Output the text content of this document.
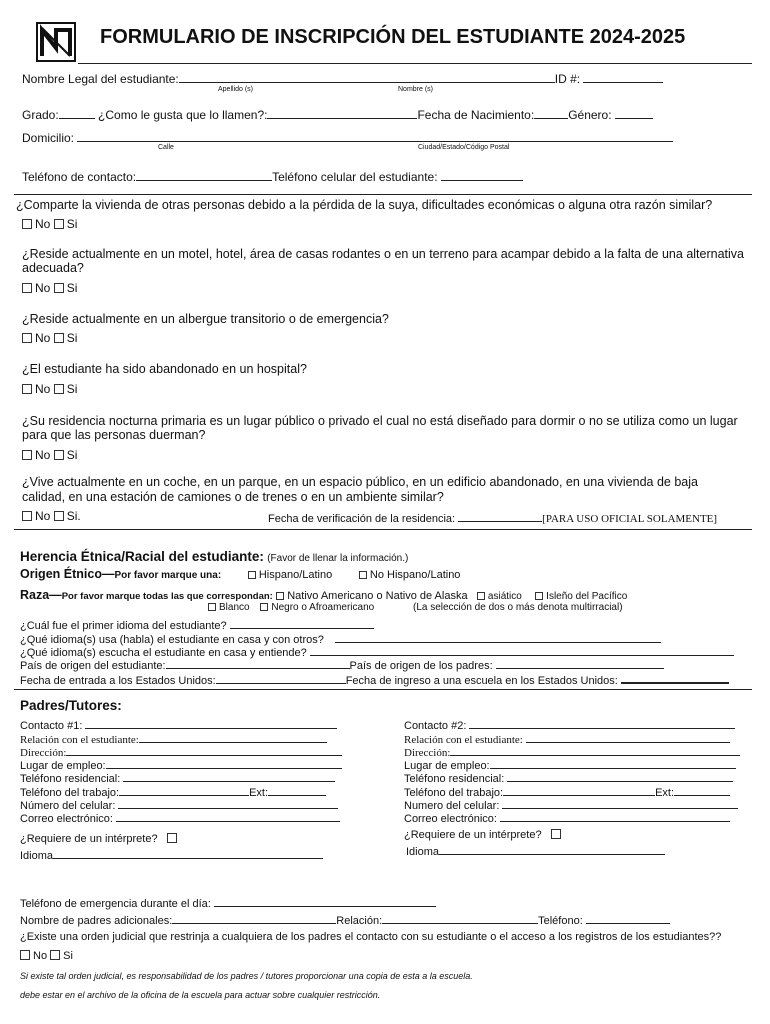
FORMULARIO DE INSCRIPCIÓN DEL ESTUDIANTE 2024-2025
Nombre Legal del estudiante:	ID #:
Apellido (s)	Nombre (s)
Grado:	¿Como le gusta que lo llamen?:	Fecha de Nacimiento:	Género:
Domicilio:
Calle	Ciudad/Estado/Código Postal
Teléfono de contacto:	Teléfono celular del estudiante:
¿Comparte la vivienda de otras personas debido a la pérdida de la suya, dificultades económicas o alguna otra razón similar?
No Si
¿Reside actualmente en un motel, hotel, área de casas rodantes o en un terreno para acampar debido a la falta de una alternativa
adecuada?
No Si
¿Reside actualmente en un albergue transitorio o de emergencia?
No Si
¿El estudiante ha sido abandonado en un hospital?
No Si
¿Su residencia nocturna primaria es un lugar público o privado el cual no está diseñado para dormir o no se utiliza como un lugar
para que las personas duerman?
No Si
¿Vive actualmente en un coche, en un parque, en un espacio público, en un edificio abandonado, en una vivienda de baja
calidad, en una estación de camiones o de trenes o en un ambiente similar?
No Si.	Fecha de verificación de la residencia:	[PARA USO OFICIAL SOLAMENTE]
Herencia Étnica/Racial del estudiante: (Favor de llenar la información.)
Origen Étnico—Por favor marque una:	Hispano/Latino	No Hispano/Latino
Raza—Por favor marque todas las que correspondan: Nativo Americano o Nativo de Alaska asiático Isleño del Pacífico
Blanco Negro o Afroamericano	(La selección de dos o más denota multirracial)
¿Cuál fue el primer idioma del estudiante?
¿Qué idioma(s) usa (habla) el estudiante en casa y con otros?
¿Qué idioma(s) escucha el estudiante en casa y entiende?
País de origen del estudiante:	País de origen de los padres:
Fecha de entrada a los Estados Unidos:	Fecha de ingreso a una escuela en los Estados Unidos:
Padres/Tutores:
Contacto #1:
Relación con el estudiante:
Dirección:
Lugar de empleo:
Teléfono residencial:
Teléfono del trabajo:	Ext:
Número del celular:
Correo electrónico:
¿Requiere de un intérprete?
Idioma
Contacto #2:
Relación con el estudiante:
Dirección:
Lugar de empleo:
Teléfono residencial:
Teléfono del trabajo:	Ext:
Numero del celular:
Correo electrónico:
¿Requiere de un intérprete?
Idioma
Teléfono de emergencia durante el día:
Nombre de padres adicionales:	Relación:	Teléfono:
¿Existe una orden judicial que restrinja a cualquiera de los padres el contacto con su estudiante o el acceso a los registros de los estudiantes??
No Si
Si existe tal orden judicial, es responsabilidad de los padres / tutores proporcionar una copia de esta a la escuela.
debe estar en el archivo de la oficina de la escuela para actuar sobre cualquier restricción.
